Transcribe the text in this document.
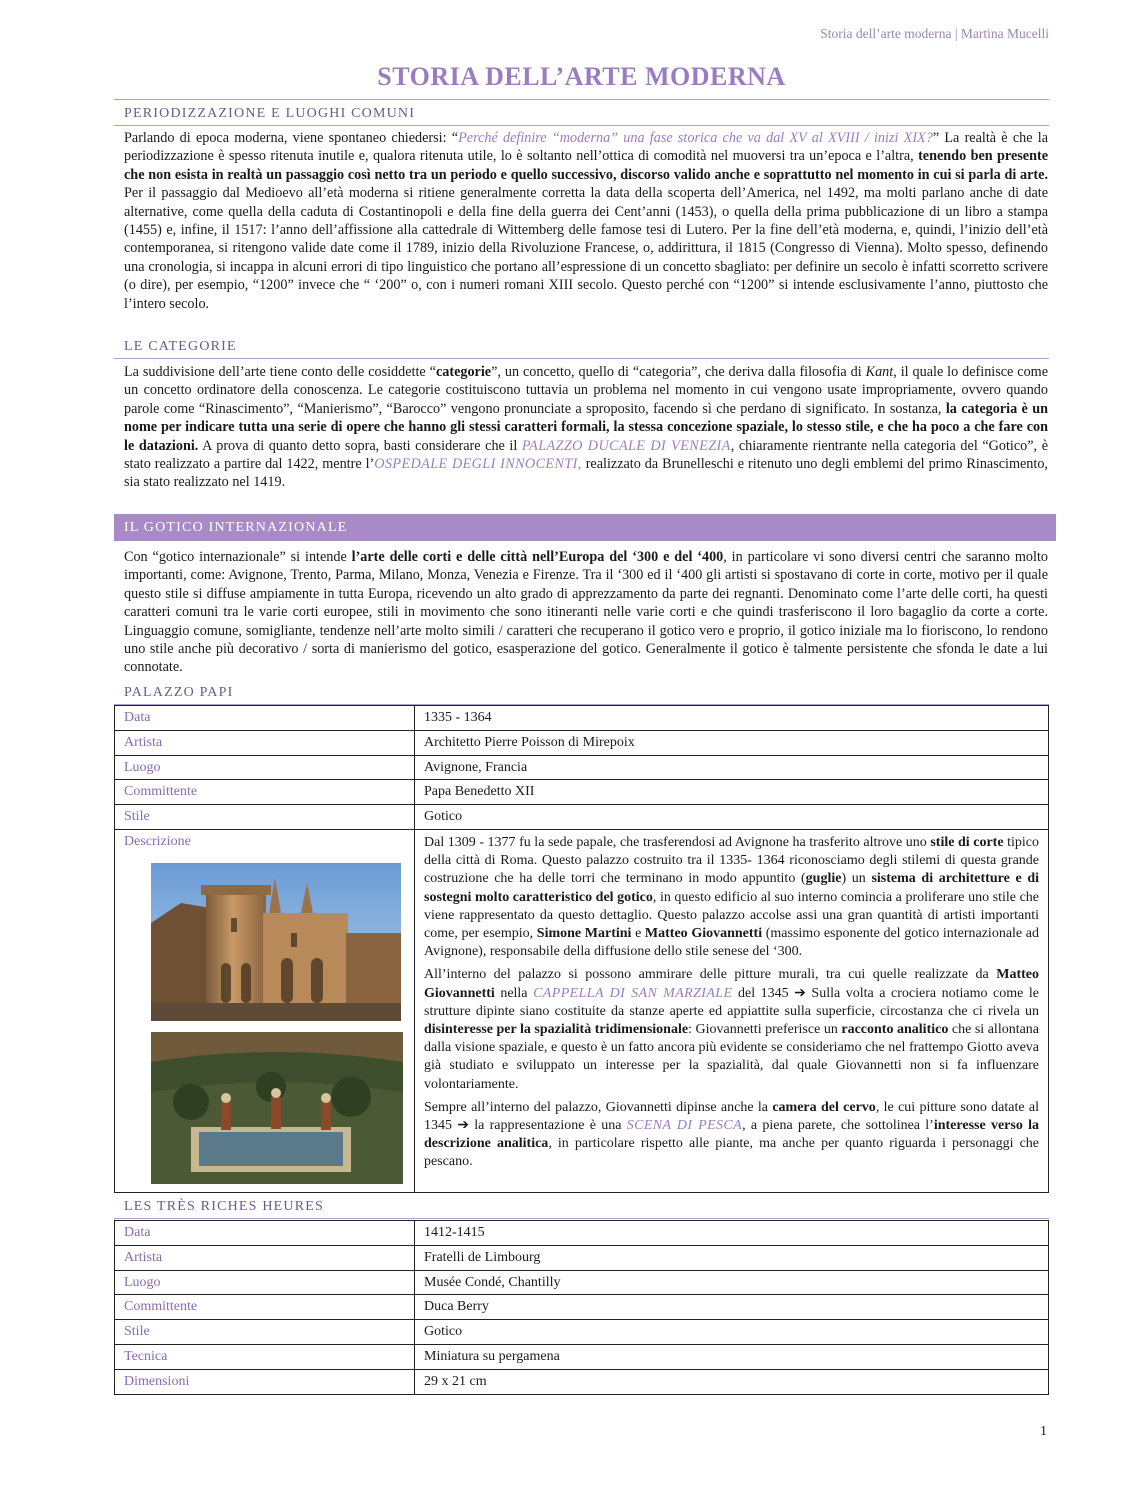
Storia dell’arte moderna | Martina Mucelli
STORIA DELL’ARTE MODERNA
PERIODIZZAZIONE E LUOGHI COMUNI
Parlando di epoca moderna, viene spontaneo chiedersi: “Perché definire “moderna” una fase storica che va dal XV al XVIII / inizi XIX?” La realtà è che la periodizzazione è spesso ritenuta inutile e, qualora ritenuta utile, lo è soltanto nell’ottica di comodità nel muoversi tra un’epoca e l’altra, tenendo ben presente che non esista in realtà un passaggio così netto tra un periodo e quello successivo, discorso valido anche e soprattutto nel momento in cui si parla di arte. Per il passaggio dal Medioevo all’età moderna si ritiene generalmente corretta la data della scoperta dell’America, nel 1492, ma molti parlano anche di date alternative, come quella della caduta di Costantinopoli e della fine della guerra dei Cent’anni (1453), o quella della prima pubblicazione di un libro a stampa (1455) e, infine, il 1517: l’anno dell’affissione alla cattedrale di Wittemberg delle famose tesi di Lutero. Per la fine dell’età moderna, e, quindi, l’inizio dell’età contemporanea, si ritengono valide date come il 1789, inizio della Rivoluzione Francese, o, addirittura, il 1815 (Congresso di Vienna). Molto spesso, definendo una cronologia, si incappa in alcuni errori di tipo linguistico che portano all’espressione di un concetto sbagliato: per definire un secolo è infatti scorretto scrivere (o dire), per esempio, “1200” invece che “ ‘200” o, con i numeri romani XIII secolo. Questo perché con “1200” si intende esclusivamente l’anno, piuttosto che l’intero secolo.
LE CATEGORIE
La suddivisione dell’arte tiene conto delle cosiddette “categorie”, un concetto, quello di “categoria”, che deriva dalla filosofia di Kant, il quale lo definisce come un concetto ordinatore della conoscenza. Le categorie costituiscono tuttavia un problema nel momento in cui vengono usate impropriamente, ovvero quando parole come “Rinascimento”, “Manierismo”, “Barocco” vengono pronunciate a sproposito, facendo sì che perdano di significato. In sostanza, la categoria è un nome per indicare tutta una serie di opere che hanno gli stessi caratteri formali, la stessa concezione spaziale, lo stesso stile, e che ha poco a che fare con le datazioni. A prova di quanto detto sopra, basti considerare che il PALAZZO DUCALE DI VENEZIA, chiaramente rientrante nella categoria del “Gotico”, è stato realizzato a partire dal 1422, mentre l’OSPEDALE DEGLI INNOCENTI, realizzato da Brunelleschi e ritenuto uno degli emblemi del primo Rinascimento, sia stato realizzato nel 1419.
IL GOTICO INTERNAZIONALE
Con “gotico internazionale” si intende l’arte delle corti e delle città nell’Europa del ‘300 e del ‘400, in particolare vi sono diversi centri che saranno molto importanti, come: Avignone, Trento, Parma, Milano, Monza, Venezia e Firenze. Tra il ‘300 ed il ‘400 gli artisti si spostavano di corte in corte, motivo per il quale questo stile si diffuse ampiamente in tutta Europa, ricevendo un alto grado di apprezzamento da parte dei regnanti. Denominato come l’arte delle corti, ha questi caratteri comuni tra le varie corti europee, stili in movimento che sono itineranti nelle varie corti e che quindi trasferiscono il loro bagaglio da corte a corte. Linguaggio comune, somigliante, tendenze nell’arte molto simili / caratteri che recuperano il gotico vero e proprio, il gotico iniziale ma lo fioriscono, lo rendono uno stile anche più decorativo / sorta di manierismo del gotico, esasperazione del gotico. Generalmente il gotico è talmente persistente che sfonda le date a lui connotate.
PALAZZO PAPI
Data	1335 - 1364
Artista	Architetto Pierre Poisson di Mirepoix
Luogo	Avignone, Francia
Committente	Papa Benedetto XII
Stile	Gotico

Descrizione	Dal 1309 - 1377 fu la sede papale, che trasferendosi ad Avignone ha trasferito altrove uno stile di corte tipico della città di Roma. Questo palazzo costruito tra il 1335- 1364 riconosciamo degli stilemi di questa grande costruzione che ha delle torri che terminano in modo appuntito (guglie) un sistema di architetture e di sostegni molto caratteristico del gotico, in questo edificio al suo interno comincia a proliferare uno stile che viene rappresentato da questo dettaglio. Questo palazzo accolse assi una gran quantità di artisti importanti come, per esempio, Simone Martini e Matteo Giovannetti (massimo esponente del gotico internazionale ad Avignone), responsabile della diffusione dello stile senese del ‘300.

All’interno del palazzo si possono ammirare delle pitture murali, tra cui quelle realizzate da Matteo Giovannetti nella CAPPELLA DI SAN MARZIALE del 1345 ➔ Sulla volta a crociera notiamo come le strutture dipinte siano costituite da stanze aperte ed appiattite sulla superficie, circostanza che ci rivela un disinteresse per la spazialità tridimensionale: Giovannetti preferisce un racconto analitico che si allontana dalla visione spaziale, e questo è un fatto ancora più evidente se consideriamo che nel frattempo Giotto aveva già studiato e sviluppato un interesse per la spazialità, dal quale Giovannetti non si fa influenzare volontariamente.

Sempre all’interno del palazzo, Giovannetti dipinse anche la camera del cervo, le cui pitture sono datate al 1345 ➔ la rappresentazione è una SCENA DI PESCA, a piena parete, che sottolinea l’interesse verso la descrizione analitica, in particolare rispetto alle piante, ma anche per quanto riguarda i personaggi che pescano.

LES TRÈS RICHES HEURES
Data	1412-1415
Artista	Fratelli de Limbourg
Luogo	Musée Condé, Chantilly
Committente	Duca Berry
Stile	Gotico
Tecnica	Miniatura su pergamena
Dimensioni	29 x 21 cm
1
